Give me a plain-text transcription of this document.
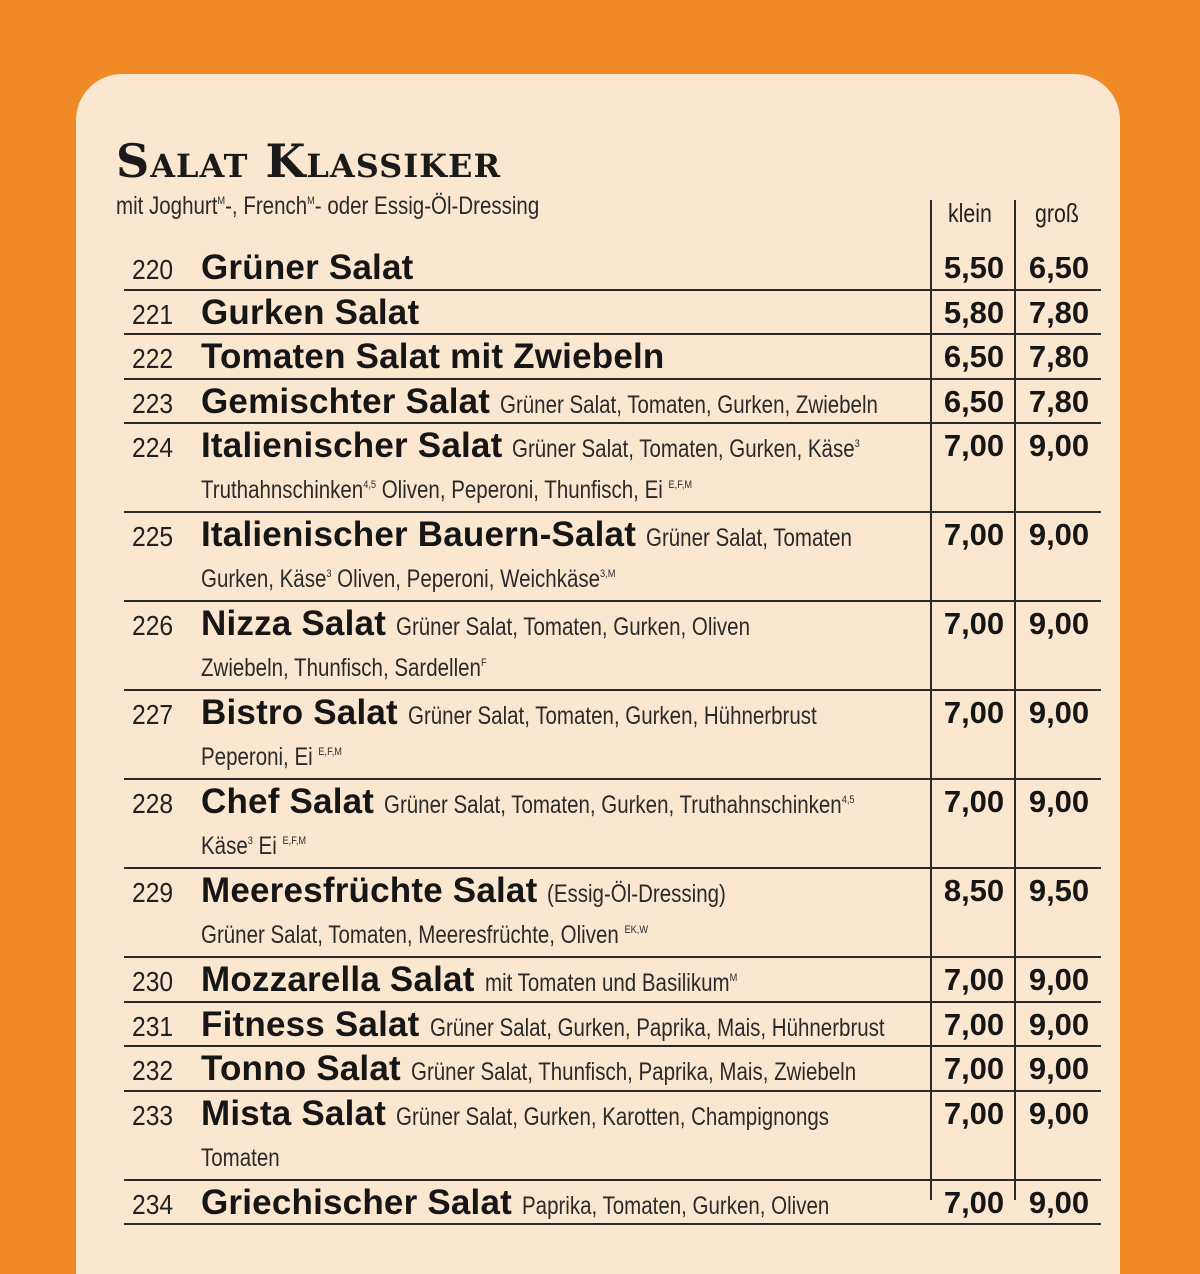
Salat Klassiker
mit Joghurt$^M$-, French$^M$- oder Essig-Öl-Dressing	klein groß
220 Grüner Salat	5,50 6,50
221 Gurken Salat	5,80 7,80
222 Tomaten Salat mit Zwiebeln	6,50 7,80
223 Gemischter SalatGrüner Salat, Tomaten, Gurken, Zwiebeln	6,50 7,80
224 Italienischer SalatGrüner Salat, Tomaten, Gurken, Käse$^3$
Truthahnschinken$^{4,5}$ Oliven, Peperoni, Thunfisch, Ei $^{E,F,M}$
7,00 9,00
225 Italienischer Bauern-SalatGrüner Salat, Tomaten
Gurken, Käse$^3$ Oliven, Peperoni, Weichkäse$^{3,M}$
7,00 9,00
226 Nizza SalatGrüner Salat, Tomaten, Gurken, Oliven
Zwiebeln, Thunfisch, Sardellen$^F$
7,00 9,00
227 Bistro SalatGrüner Salat, Tomaten, Gurken, Hühnerbrust
Peperoni, Ei $^{E,F,M}$
7,00 9,00
228 Chef SalatGrüner Salat, Tomaten, Gurken, Truthahnschinken$^{4,5}$
Käse$^3$ Ei $^{E,F,M}$
7,00 9,00
229 Meeresfrüchte Salat(Essig-Öl-Dressing)
Grüner Salat, Tomaten, Meeresfrüchte, Oliven $^{EK,W}$
8,50 9,50
230 Mozzarella Salatmit Tomaten und Basilikum$^M$	7,00 9,00
231 Fitness SalatGrüner Salat, Gurken, Paprika, Mais, Hühnerbrust	7,00 9,00
232 Tonno SalatGrüner Salat, Thunfisch, Paprika, Mais, Zwiebeln	7,00 9,00
233 Mista SalatGrüner Salat, Gurken, Karotten, Champignongs
Tomaten
7,00 9,00
234 Griechischer SalatPaprika, Tomaten, Gurken, Oliven	7,00 9,00
